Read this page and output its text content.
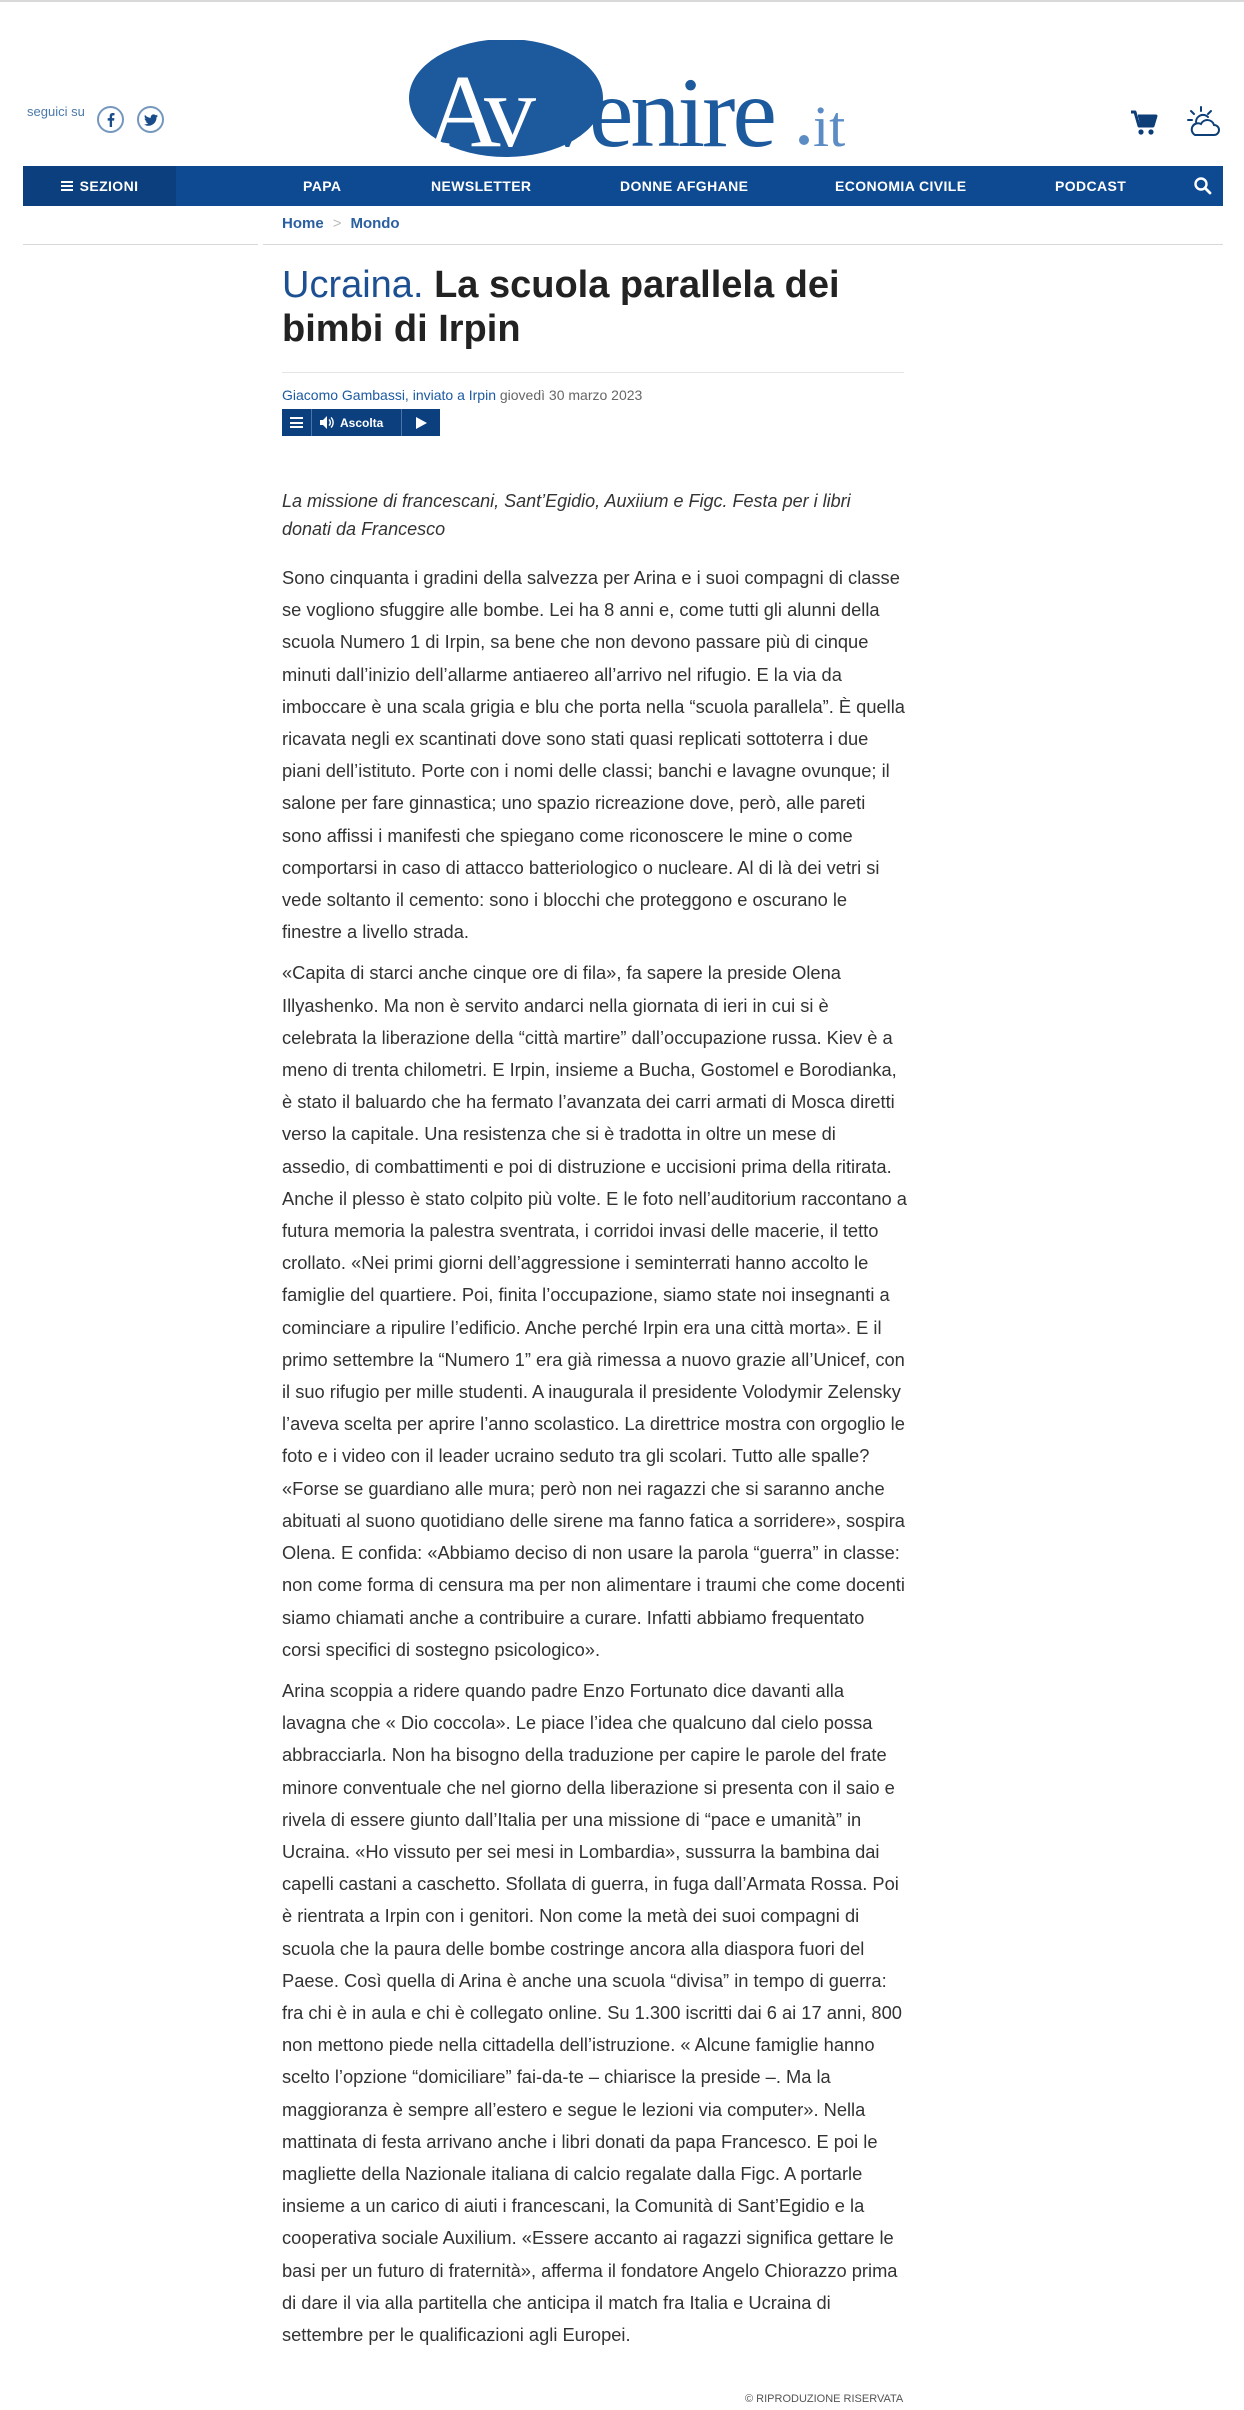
seguici su	A
v venire it
SEZIONI	PAPA	NEWSLETTER	DONNE AFGHANE	ECONOMIA CIVILE	PODCAST
Home > Mondo
Ucraina. La scuola parallela dei bimbi di Irpin
Giacomo Gambassi, inviato a Irpin giovedì 30 marzo 2023
Ascolta

La missione di francescani, Sant’Egidio, Auxiium e Figc. Festa per i libri donati da Francesco

Sono cinquanta i gradini della salvezza per Arina e i suoi compagni di classe se vogliono sfuggire alle bombe. Lei ha 8 anni e, come tutti gli alunni della scuola Numero 1 di Irpin, sa bene che non devono passare più di cinque minuti dall’inizio dell’allarme antiaereo all’arrivo nel rifugio. E la via da imboccare è una scala grigia e blu che porta nella “scuola parallela”. È quella ricavata negli ex scantinati dove sono stati quasi replicati sottoterra i due piani dell’istituto. Porte con i nomi delle classi; banchi e lavagne ovunque; il salone per fare ginnastica; uno spazio ricreazione dove, però, alle pareti sono affissi i manifesti che spiegano come riconoscere le mine o come comportarsi in caso di attacco batteriologico o nucleare. Al di là dei vetri si vede soltanto il cemento: sono i blocchi che proteggono e oscurano le finestre a livello strada.

«Capita di starci anche cinque ore di fila», fa sapere la preside Olena Illyashenko. Ma non è servito andarci nella giornata di ieri in cui si è celebrata la liberazione della “città martire” dall’occupazione russa. Kiev è a meno di trenta chilometri. E Irpin, insieme a Bucha, Gostomel e Borodianka, è stato il baluardo che ha fermato l’avanzata dei carri armati di Mosca diretti verso la capitale. Una resistenza che si è tradotta in oltre un mese di assedio, di combattimenti e poi di distruzione e uccisioni prima della ritirata. Anche il plesso è stato colpito più volte. E le foto nell’auditorium raccontano a futura memoria la palestra sventrata, i corridoi invasi delle macerie, il tetto crollato. «Nei primi giorni dell’aggressione i seminterrati hanno accolto le famiglie del quartiere. Poi, finita l’occupazione, siamo state noi insegnanti a cominciare a ripulire l’edificio. Anche perché Irpin era una città morta». E il primo settembre la “Numero 1” era già rimessa a nuovo grazie all’Unicef, con il suo rifugio per mille studenti. A inaugurala il presidente Volodymir Zelensky l’aveva scelta per aprire l’anno scolastico. La direttrice mostra con orgoglio le foto e i video con il leader ucraino seduto tra gli scolari. Tutto alle spalle? «Forse se guardiano alle mura; però non nei ragazzi che si saranno anche abituati al suono quotidiano delle sirene ma fanno fatica a sorridere», sospira Olena. E confida: «Abbiamo deciso di non usare la parola “guerra” in classe: non come forma di censura ma per non alimentare i traumi che come docenti siamo chiamati anche a contribuire a curare. Infatti abbiamo frequentato corsi specifici di sostegno psicologico».

Arina scoppia a ridere quando padre Enzo Fortunato dice davanti alla lavagna che « Dio coccola». Le piace l’idea che qualcuno dal cielo possa abbracciarla. Non ha bisogno della traduzione per capire le parole del frate minore conventuale che nel giorno della liberazione si presenta con il saio e rivela di essere giunto dall’Italia per una missione di “pace e umanità” in Ucraina. «Ho vissuto per sei mesi in Lombardia», sussurra la bambina dai capelli castani a caschetto. Sfollata di guerra, in fuga dall’Armata Rossa. Poi è rientrata a Irpin con i genitori. Non come la metà dei suoi compagni di scuola che la paura delle bombe costringe ancora alla diaspora fuori del Paese. Così quella di Arina è anche una scuola “divisa” in tempo di guerra: fra chi è in aula e chi è collegato online. Su 1.300 iscritti dai 6 ai 17 anni, 800 non mettono piede nella cittadella dell’istruzione. « Alcune famiglie hanno scelto l’opzione “domiciliare” fai-da-te – chiarisce la preside –. Ma la maggioranza è sempre all’estero e segue le lezioni via computer». Nella mattinata di festa arrivano anche i libri donati da papa Francesco. E poi le magliette della Nazionale italiana di calcio regalate dalla Figc. A portarle insieme a un carico di aiuti i francescani, la Comunità di Sant’Egidio e la cooperativa sociale Auxilium. «Essere accanto ai ragazzi significa gettare le basi per un futuro di fraternità», afferma il fondatore Angelo Chiorazzo prima di dare il via alla partitella che anticipa il match fra Italia e Ucraina di settembre per le qualificazioni agli Europei.

© RIPRODUZIONE RISERVATA
